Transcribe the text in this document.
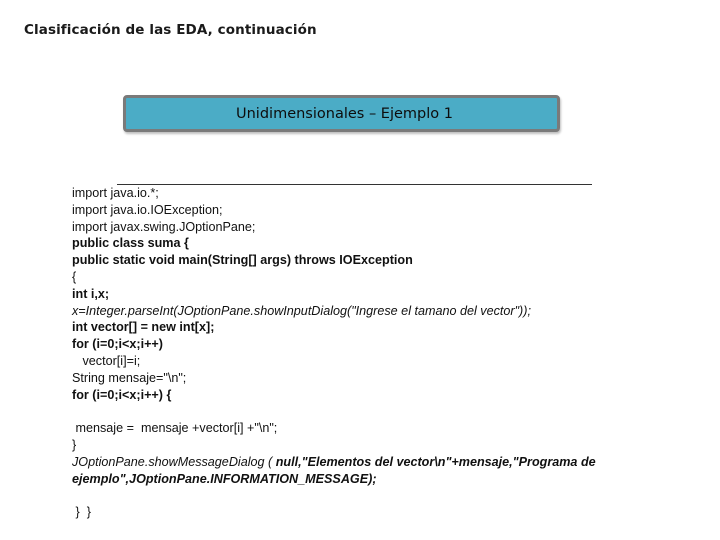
Clasificación de las EDA, continuación
Unidimensionales – Ejemplo 1
import java.io.*;
import java.io.IOException;
import javax.swing.JOptionPane;
public class suma {
public static void main(String[] args) throws IOException
{
int i,x;
x=Integer.parseInt(JOptionPane.showInputDialog("Ingrese el tamano del vector"));
int vector[] = new int[x];
for (i=0;i<x;i++)
vector[i]=i;
String mensaje="\n";
for (i=0;i<x;i++) {
mensaje =  mensaje +vector[i] +"\n";
}
JOptionPane.showMessageDialog ( null,"Elementos del vector\n"+mensaje,"Programa de
ejemplo",JOptionPane.INFORMATION_MESSAGE);
}  }
